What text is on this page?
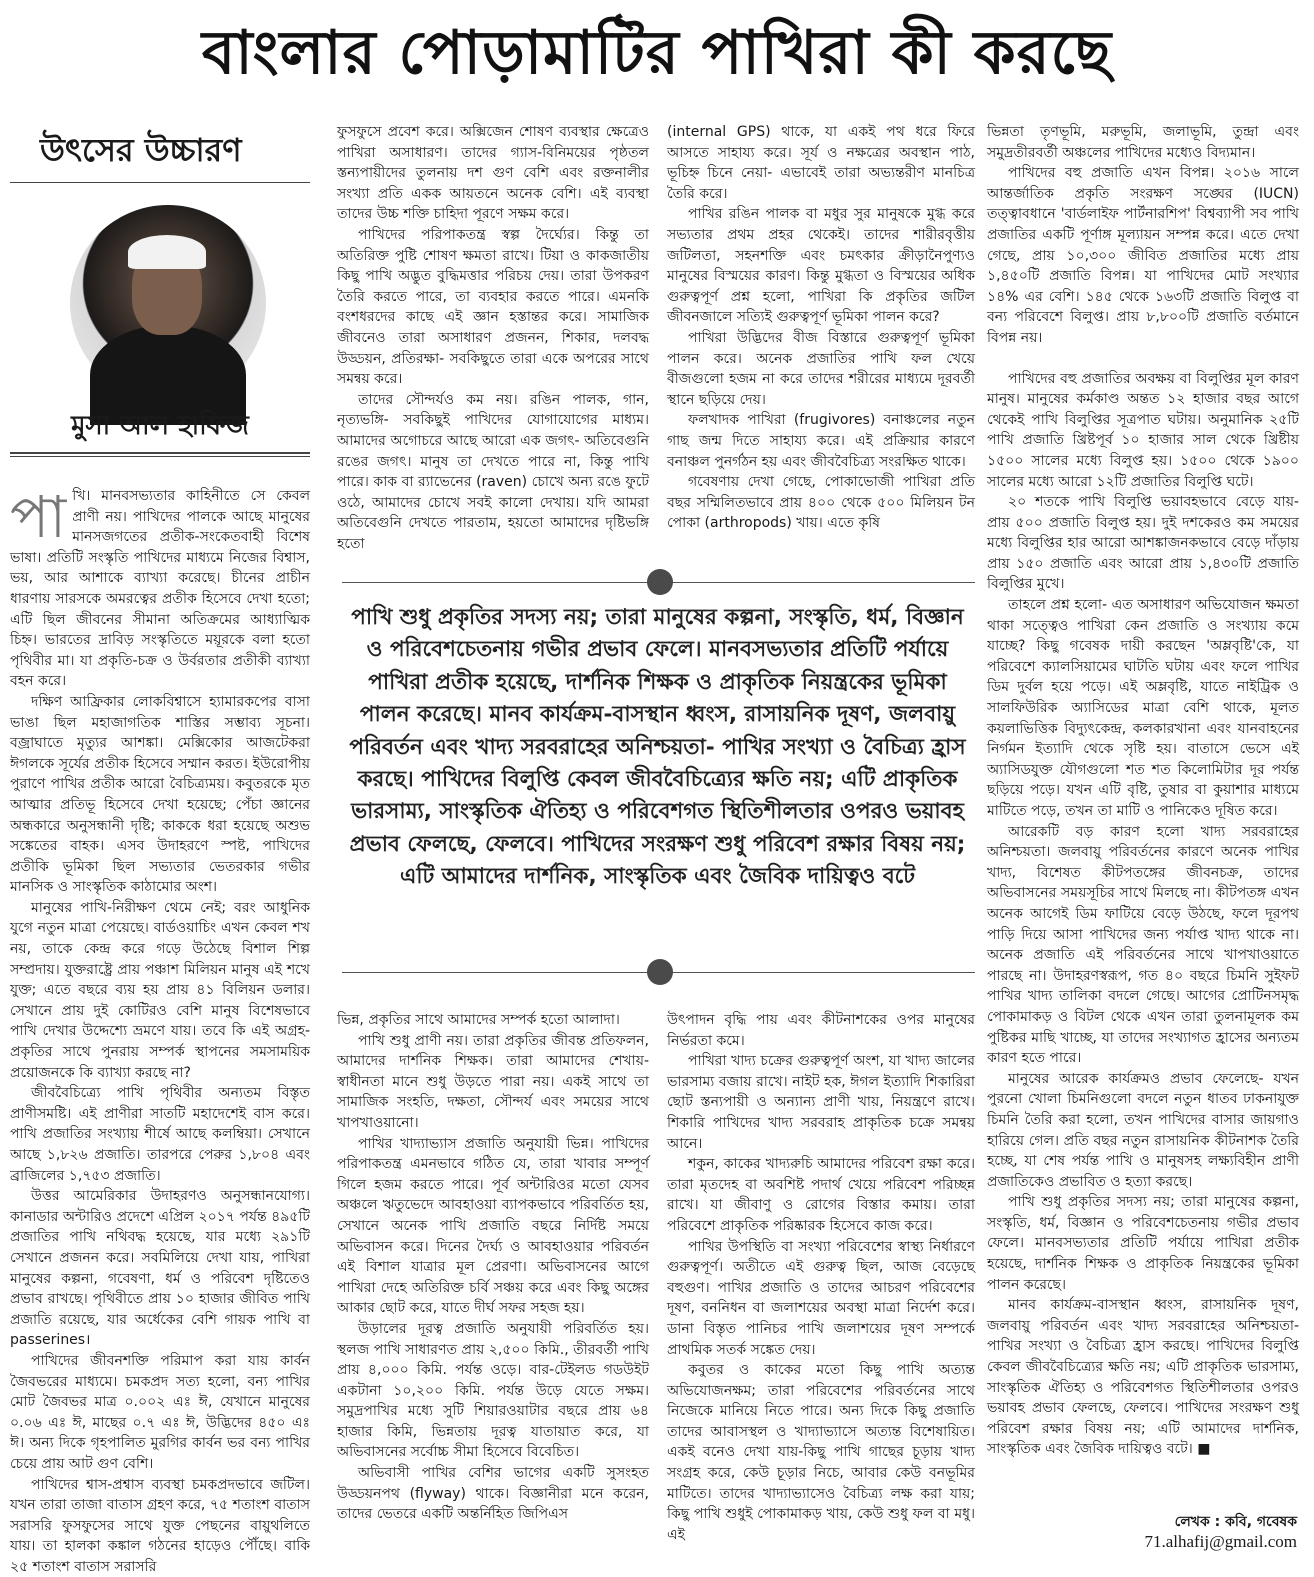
বাংলার পোড়ামাটির পাখিরা কী করছে
উৎসের উচ্চারণ
মুসা আল হাফিজ
পা খি। মানবসভ্যতার কাহিনীতে সে কেবল প্রাণী নয়। পাখিদের পালকে আছে মানুষের মানসজগতের প্রতীক-সংকেতবাহী বিশেষ ভাষা। প্রতিটি সংস্কৃতি পাখিদের মাধ্যমে নিজের বিশ্বাস, ভয়, আর আশাকে ব্যাখ্যা করেছে। চীনের প্রাচীন ধারণায় সারসকে অমরত্বের প্রতীক হিসেবে দেখা হতো; এটি ছিল জীবনের সীমানা অতিক্রমের আধ্যাত্মিক চিহ্ন। ভারতের দ্রাবিড় সংস্কৃতিতে ময়ূরকে বলা হতো পৃথিবীর মা। যা প্রকৃতি-চক্র ও উর্বরতার প্রতীকী ব্যাখ্যা বহন করে।

দক্ষিণ আফ্রিকার লোকবিশ্বাসে হ্যামারকপের বাসা ভাঙা ছিল মহাজাগতিক শাস্তির সম্ভাব্য সূচনা। বজ্রাঘাতে মৃত্যুর আশঙ্কা। মেক্সিকোর আজটেকরা ঈগলকে সূর্যের প্রতীক হিসেবে সম্মান করত। ইউরোপীয় পুরাণে পাখির প্রতীক আরো বৈচিত্র্যময়। কবুতরকে মৃত আত্মার প্রতিভূ হিসেবে দেখা হয়েছে; পেঁচা জ্ঞানের অন্ধকারে অনুসন্ধানী দৃষ্টি; কাককে ধরা হয়েছে অশুভ সঙ্কেতের বাহক। এসব উদাহরণে স্পষ্ট, পাখিদের প্রতীকি ভূমিকা ছিল সভ্যতার ভেতরকার গভীর মানসিক ও সাংস্কৃতিক কাঠামোর অংশ।

মানুষের পাখি-নিরীক্ষণ থেমে নেই; বরং আধুনিক যুগে নতুন মাত্রা পেয়েছে। বার্ডওয়াচিং এখন কেবল শখ নয়, তাকে কেন্দ্র করে গড়ে উঠেছে বিশাল শিল্প সম্প্রদায়। যুক্তরাষ্ট্রে প্রায় পঞ্চাশ মিলিয়ন মানুষ এই শখে যুক্ত; এতে বছরে ব্যয় হয় প্রায় ৪১ বিলিয়ন ডলার। সেখানে প্রায় দুই কোটিরও বেশি মানুষ বিশেষভাবে পাখি দেখার উদ্দেশ্যে ভ্রমণে যায়। তবে কি এই অগ্রহ- প্রকৃতির সাথে পুনরায় সম্পর্ক স্থাপনের সমসাময়িক প্রয়োজনকে কি ব্যাখ্যা করছে না?

জীববৈচিত্র্যে পাখি পৃথিবীর অন্যতম বিস্তৃত প্রাণীসমষ্টি। এই প্রাণীরা সাতটি মহাদেশেই বাস করে। পাখি প্রজাতির সংখ্যায় শীর্ষে আছে কলম্বিয়া। সেখানে আছে ১,৮২৬ প্রজাতি। তারপরে পেরুর ১,৮০৪ এবং ব্রাজিলের ১,৭৫৩ প্রজাতি।

উত্তর আমেরিকার উদাহরণও অনুসন্ধানযোগ্য। কানাডার অন্টারিও প্রদেশে এপ্রিল ২০১৭ পর্যন্ত ৪৯৫টি প্রজাতির পাখি নথিবদ্ধ হয়েছে, যার মধ্যে ২৯১টি সেখানে প্রজনন করে। সবমিলিয়ে দেখা যায়, পাখিরা মানুষের কল্পনা, গবেষণা, ধর্ম ও পরিবেশ দৃষ্টিতেও প্রভাব রাখছে। পৃথিবীতে প্রায় ১০ হাজার জীবিত পাখি প্রজাতি রয়েছে, যার অর্ধেকের বেশি গায়ক পাখি বা passerines।

পাখিদের জীবনশক্তি পরিমাপ করা যায় কার্বন জৈবভরের মাধ্যমে। চমকপ্রদ সত্য হলো, বন্য পাখির মোট জৈবভর মাত্র ০.০০২ এঃ ঈ, যেখানে মানুষের ০.০৬ এঃ ঈ, মাছের ০.৭ এঃ ঈ, উদ্ভিদের ৪৫০ এঃ ঈ। অন্য দিকে গৃহপালিত মুরগির কার্বন ভর বন্য পাখির চেয়ে প্রায় আট গুণ বেশি।

পাখিদের শ্বাস-প্রশ্বাস ব্যবস্থা চমকপ্রদভাবে জটিল। যখন তারা তাজা বাতাস গ্রহণ করে, ৭৫ শতাংশ বাতাস সরাসরি ফুসফুসের সাথে যুক্ত পেছনের বায়ুথলিতে যায়। তা হালকা কঙ্কাল গঠনের হাড়েও পৌঁছে। বাকি ২৫ শতাংশ বাতাস সরাসরি

ফুসফুসে প্রবেশ করে। অক্সিজেন শোষণ ব্যবস্থার ক্ষেত্রেও পাখিরা অসাধারণ। তাদের গ্যাস-বিনিময়ের পৃষ্ঠতল স্তন্যপায়ীদের তুলনায় দশ গুণ বেশি এবং রক্তনালীর সংখ্যা প্রতি একক আয়তনে অনেক বেশি। এই ব্যবস্থা তাদের উচ্চ শক্তি চাহিদা পূরণে সক্ষম করে।

পাখিদের পরিপাকতন্ত্র স্বল্প দৈর্ঘ্যের। কিন্তু তা অতিরিক্ত পুষ্টি শোষণ ক্ষমতা রাখে। টিয়া ও কাকজাতীয় কিছু পাখি অদ্ভুত বুদ্ধিমত্তার পরিচয় দেয়। তারা উপকরণ তৈরি করতে পারে, তা ব্যবহার করতে পারে। এমনকি বংশধরদের কাছে এই জ্ঞান হস্তান্তর করে। সামাজিক জীবনেও তারা অসাধারণ প্রজনন, শিকার, দলবদ্ধ উড্ডয়ন, প্রতিরক্ষা- সবকিছুতে তারা একে অপরের সাথে সমন্বয় করে।

তাদের সৌন্দর্যও কম নয়। রঙিন পালক, গান, নৃত্যভঙ্গি- সবকিছুই পাখিদের যোগাযোগের মাধ্যম। আমাদের অগোচরে আছে আরো এক জগৎ- অতিবেগুনি রঙের জগৎ। মানুষ তা দেখতে পারে না, কিন্তু পাখি পারে। কাক বা র‍্যাভেনের (raven) চোখে অন্য রঙে ফুটে ওঠে, আমাদের চোখে সবই কালো দেখায়। যদি আমরা অতিবেগুনি দেখতে পারতাম, হয়তো আমাদের দৃষ্টিভঙ্গি হতো

(internal GPS) থাকে, যা একই পথ ধরে ফিরে আসতে সাহায্য করে। সূর্য ও নক্ষত্রের অবস্থান পাঠ, ভূচিহ্ন চিনে নেয়া- এভাবেই তারা অভ্যন্তরীণ মানচিত্র তৈরি করে।

পাখির রঙিন পালক বা মধুর সুর মানুষকে মুগ্ধ করে সভ্যতার প্রথম প্রহর থেকেই। তাদের শারীরবৃত্তীয় জটিলতা, সহনশক্তি এবং চমৎকার ক্রীড়ানৈপুণ্যও মানুষের বিস্ময়ের কারণ। কিন্তু মুগ্ধতা ও বিস্ময়ের অধিক গুরুত্বপূর্ণ প্রশ্ন হলো, পাখিরা কি প্রকৃতির জটিল জীবনজালে সত্যিই গুরুত্বপূর্ণ ভূমিকা পালন করে?

পাখিরা উদ্ভিদের বীজ বিস্তারে গুরুত্বপূর্ণ ভূমিকা পালন করে। অনেক প্রজাতির পাখি ফল খেয়ে বীজগুলো হজম না করে তাদের শরীরের মাধ্যমে দূরবর্তী স্থানে ছড়িয়ে দেয়।

ফলখাদক পাখিরা (frugivores) বনাঞ্চলের নতুন গাছ জন্ম দিতে সাহায্য করে। এই প্রক্রিয়ার কারণে বনাঞ্চল পুনর্গঠন হয় এবং জীববৈচিত্র্য সংরক্ষিত থাকে।

গবেষণায় দেখা গেছে, পোকাভোজী পাখিরা প্রতি বছর সম্মিলিতভাবে প্রায় ৪০০ থেকে ৫০০ মিলিয়ন টন পোকা (arthropods) খায়। এতে কৃষি

পাখি শুধু প্রকৃতির সদস্য নয়; তারা মানুষের কল্পনা, সংস্কৃতি, ধর্ম, বিজ্ঞান ও পরিবেশচেতনায় গভীর প্রভাব ফেলে। মানবসভ্যতার প্রতিটি পর্যায়ে পাখিরা প্রতীক হয়েছে, দার্শনিক শিক্ষক ও প্রাকৃতিক নিয়ন্ত্রকের ভূমিকা পালন করেছে। মানব কার্যক্রম-বাসস্থান ধ্বংস, রাসায়নিক দূষণ, জলবায়ু পরিবর্তন এবং খাদ্য সরবরাহের অনিশ্চয়তা- পাখির সংখ্যা ও বৈচিত্র্য হ্রাস করছে। পাখিদের বিলুপ্তি কেবল জীববৈচিত্র্যের ক্ষতি নয়; এটি প্রাকৃতিক ভারসাম্য, সাংস্কৃতিক ঐতিহ্য ও পরিবেশগত স্থিতিশীলতার ওপরও ভয়াবহ প্রভাব ফেলছে, ফেলবে। পাখিদের সংরক্ষণ শুধু পরিবেশ রক্ষার বিষয় নয়; এটি আমাদের দার্শনিক, সাংস্কৃতিক এবং জৈবিক দায়িত্বও বটে

ভিন্ন, প্রকৃতির সাথে আমাদের সম্পর্ক হতো আলাদা।

পাখি শুধু প্রাণী নয়। তারা প্রকৃতির জীবন্ত প্রতিফলন, আমাদের দার্শনিক শিক্ষক। তারা আমাদের শেখায়- স্বাধীনতা মানে শুধু উড়তে পারা নয়। একই সাথে তা সামাজিক সংহতি, দক্ষতা, সৌন্দর্য এবং সময়ের সাথে খাপখাওয়ানো।

পাখির খাদ্যাভ্যাস প্রজাতি অনুযায়ী ভিন্ন। পাখিদের পরিপাকতন্ত্র এমনভাবে গঠিত যে, তারা খাবার সম্পূর্ণ গিলে হজম করতে পারে। পূর্ব অন্টারিওর মতো যেসব অঞ্চলে ঋতুভেদে আবহাওয়া ব্যাপকভাবে পরিবর্তিত হয়, সেখানে অনেক পাখি প্রজাতি বছরে নির্দিষ্ট সময়ে অভিবাসন করে। দিনের দৈর্ঘ্য ও আবহাওয়ার পরিবর্তন এই বিশাল যাত্রার মূল প্রেরণা। অভিবাসনের আগে পাখিরা দেহে অতিরিক্ত চর্বি সঞ্চয় করে এবং কিছু অঙ্গের আকার ছোট করে, যাতে দীর্ঘ সফর সহজ হয়।

উড়ালের দূরত্ব প্রজাতি অনুযায়ী পরিবর্তিত হয়। স্থলজ পাখি সাধারণত প্রায় ২,৫০০ কিমি., তীরবর্তী পাখি প্রায় ৪,০০০ কিমি. পর্যন্ত ওড়ে। বার-টেইলড গডউইট একটানা ১০,২০০ কিমি. পর্যন্ত উড়ে যেতে সক্ষম। সমুদ্রপাখির মধ্যে সুটি শিয়ারওয়াটার বছরে প্রায় ৬৪ হাজার কিমি, ভিন্নতায় দূরত্ব যাতায়াত করে, যা অভিবাসনের সর্বোচ্চ সীমা হিসেবে বিবেচিত।

অভিবাসী পাখির বেশির ভাগের একটি সুসংহত উড্ডয়নপথ (flyway) থাকে। বিজ্ঞানীরা মনে করেন, তাদের ভেতরে একটি অন্তর্নিহিত জিপিএস

উৎপাদন বৃদ্ধি পায় এবং কীটনাশকের ওপর মানুষের নির্ভরতা কমে।

পাখিরা খাদ্য চক্রের গুরুত্বপূর্ণ অংশ, যা খাদ্য জালের ভারসাম্য বজায় রাখে। নাইট হক, ঈগল ইত্যাদি শিকারিরা ছোট স্তন্যপায়ী ও অন্যান্য প্রাণী খায়, নিয়ন্ত্রণে রাখে। শিকারি পাখিদের খাদ্য সরবরাহ প্রাকৃতিক চক্রে সমন্বয় আনে।

শকুন, কাকের খাদ্যরুচি আমাদের পরিবেশ রক্ষা করে। তারা মৃতদেহ বা অবশিষ্ট পদার্থ খেয়ে পরিবেশ পরিচ্ছন্ন রাখে। যা জীবাণু ও রোগের বিস্তার কমায়। তারা পরিবেশে প্রাকৃতিক পরিষ্কারক হিসেবে কাজ করে।

পাখির উপস্থিতি বা সংখ্যা পরিবেশের স্বাস্থ্য নির্ধারণে গুরুত্বপূর্ণ। অতীতে এই গুরুত্ব ছিল, আজ বেড়েছে বহুগুণ। পাখির প্রজাতি ও তাদের আচরণ পরিবেশের দূষণ, বননিধন বা জলাশয়ের অবস্থা মাত্রা নির্দেশ করে। ডানা বিস্তৃত পানিচর পাখি জলাশয়ের দূষণ সম্পর্কে প্রাথমিক সতর্ক সঙ্কেত দেয়।

কবুতর ও কাকের মতো কিছু পাখি অত্যন্ত অভিযোজনক্ষম; তারা পরিবেশের পরিবর্তনের সাথে নিজেকে মানিয়ে নিতে পারে। অন্য দিকে কিছু প্রজাতি তাদের আবাসস্থল ও খাদ্যাভ্যাসে অত্যন্ত বিশেষায়িত। একই বনেও দেখা যায়-কিছু পাখি গাছের চূড়ায় খাদ্য সংগ্রহ করে, কেউ চূড়ার নিচে, আবার কেউ বনভূমির মাটিতে। তাদের খাদ্যাভ্যাসেও বৈচিত্র্য লক্ষ করা যায়; কিছু পাখি শুধুই পোকামাকড় খায়, কেউ শুধু ফল বা মধু। এই

ভিন্নতা তৃণভূমি, মরুভূমি, জলাভূমি, তুন্দ্রা এবং সমুদ্রতীরবর্তী অঞ্চলের পাখিদের মধ্যেও বিদ্যমান।

পাখিদের বহু প্রজাতি এখন বিপন্ন। ২০১৬ সালে আন্তর্জাতিক প্রকৃতি সংরক্ষণ সঙ্ঘের (IUCN) তত্ত্বাবধানে 'বার্ডলাইফ পার্টনারশিপ' বিশ্বব্যাপী সব পাখি প্রজাতির একটি পূর্ণাঙ্গ মূল্যায়ন সম্পন্ন করে। এতে দেখা গেছে, প্রায় ১০,৩০০ জীবিত প্রজাতির মধ্যে প্রায় ১,৪৫০টি প্রজাতি বিপন্ন। যা পাখিদের মোট সংখ্যার ১৪% এর বেশি। ১৪৫ থেকে ১৬৩টি প্রজাতি বিলুপ্ত বা বন্য পরিবেশে বিলুপ্ত। প্রায় ৮,৮০০টি প্রজাতি বর্তমানে বিপন্ন নয়।

পাখিদের বহু প্রজাতির অবক্ষয় বা বিলুপ্তির মূল কারণ মানুষ। মানুষের কর্মকাণ্ড অন্তত ১২ হাজার বছর আগে থেকেই পাখি বিলুপ্তির সূত্রপাত ঘটায়। অনুমানিক ২৫টি পাখি প্রজাতি খ্রিষ্টপূর্ব ১০ হাজার সাল থেকে খ্রিষ্টীয় ১৫০০ সালের মধ্যে বিলুপ্ত হয়। ১৫০০ থেকে ১৯০০ সালের মধ্যে আরো ১২টি প্রজাতির বিলুপ্তি ঘটে।

২০ শতকে পাখি বিলুপ্তি ভয়াবহভাবে বেড়ে যায়- প্রায় ৫০০ প্রজাতি বিলুপ্ত হয়। দুই দশকেরও কম সময়ের মধ্যে বিলুপ্তির হার আরো আশঙ্কাজনকভাবে বেড়ে দাঁড়ায় প্রায় ১৫০ প্রজাতি এবং আরো প্রায় ১,৪৩০টি প্রজাতি বিলুপ্তির মুখে।

তাহলে প্রশ্ন হলো- এত অসাধারণ অভিযোজন ক্ষমতা থাকা সত্ত্বেও পাখিরা কেন প্রজাতি ও সংখ্যায় কমে যাচ্ছে? কিছু গবেষক দায়ী করছেন 'অম্লবৃষ্টি'কে, যা পরিবেশে ক্যালসিয়ামের ঘাটতি ঘটায় এবং ফলে পাখির ডিম দুর্বল হয়ে পড়ে। এই অম্লবৃষ্টি, যাতে নাইট্রিক ও সালফিউরিক অ্যাসিডের মাত্রা বেশি থাকে, মূলত কয়লাভিত্তিক বিদ্যুৎকেন্দ্র, কলকারখানা এবং যানবাহনের নির্গমন ইত্যাদি থেকে সৃষ্টি হয়। বাতাসে ভেসে এই অ্যাসিডযুক্ত যৌগগুলো শত শত কিলোমিটার দূর পর্যন্ত ছড়িয়ে পড়ে। যখন এটি বৃষ্টি, তুষার বা কুয়াশার মাধ্যমে মাটিতে পড়ে, তখন তা মাটি ও পানিকেও দূষিত করে।

আরেকটি বড় কারণ হলো খাদ্য সরবরাহের অনিশ্চয়তা। জলবায়ু পরিবর্তনের কারণে অনেক পাখির খাদ্য, বিশেষত কীটপতঙ্গের জীবনচক্র, তাদের অভিবাসনের সময়সূচির সাথে মিলছে না। কীটপতঙ্গ এখন অনেক আগেই ডিম ফাটিয়ে বেড়ে উঠছে, ফলে দূরপথ পাড়ি দিয়ে আসা পাখিদের জন্য পর্যাপ্ত খাদ্য থাকে না। অনেক প্রজাতি এই পরিবর্তনের সাথে খাপখাওয়াতে পারছে না। উদাহরণস্বরূপ, গত ৪০ বছরে চিমনি সুইফট পাখির খাদ্য তালিকা বদলে গেছে। আগের প্রোটিনসমৃদ্ধ পোকামাকড় ও বিটল থেকে এখন তারা তুলনামূলক কম পুষ্টিকর মাছি খাচ্ছে, যা তাদের সংখ্যাগত হ্রাসের অন্যতম কারণ হতে পারে।

মানুষের আরেক কার্যক্রমও প্রভাব ফেলেছে- যখন পুরনো খোলা চিমনিগুলো বদলে নতুন ধাতব ঢাকনাযুক্ত চিমনি তৈরি করা হলো, তখন পাখিদের বাসার জায়গাও হারিয়ে গেল। প্রতি বছর নতুন রাসায়নিক কীটনাশক তৈরি হচ্ছে, যা শেষ পর্যন্ত পাখি ও মানুষসহ লক্ষ্যবিহীন প্রাণী প্রজাতিকেও প্রভাবিত ও হত্যা করছে।

পাখি শুধু প্রকৃতির সদস্য নয়; তারা মানুষের কল্পনা, সংস্কৃতি, ধর্ম, বিজ্ঞান ও পরিবেশচেতনায় গভীর প্রভাব ফেলে। মানবসভ্যতার প্রতিটি পর্যায়ে পাখিরা প্রতীক হয়েছে, দার্শনিক শিক্ষক ও প্রাকৃতিক নিয়ন্ত্রকের ভূমিকা পালন করেছে।

মানব কার্যক্রম-বাসস্থান ধ্বংস, রাসায়নিক দূষণ, জলবায়ু পরিবর্তন এবং খাদ্য সরবরাহের অনিশ্চয়তা- পাখির সংখ্যা ও বৈচিত্র্য হ্রাস করছে। পাখিদের বিলুপ্তি কেবল জীববৈচিত্র্যের ক্ষতি নয়; এটি প্রাকৃতিক ভারসাম্য, সাংস্কৃতিক ঐতিহ্য ও পরিবেশগত স্থিতিশীলতার ওপরও ভয়াবহ প্রভাব ফেলছে, ফেলবে। পাখিদের সংরক্ষণ শুধু পরিবেশ রক্ষার বিষয় নয়; এটি আমাদের দার্শনিক, সাংস্কৃতিক এবং জৈবিক দায়িত্বও বটে। ■

লেখক : কবি, গবেষক
71.alhafij@gmail.com
